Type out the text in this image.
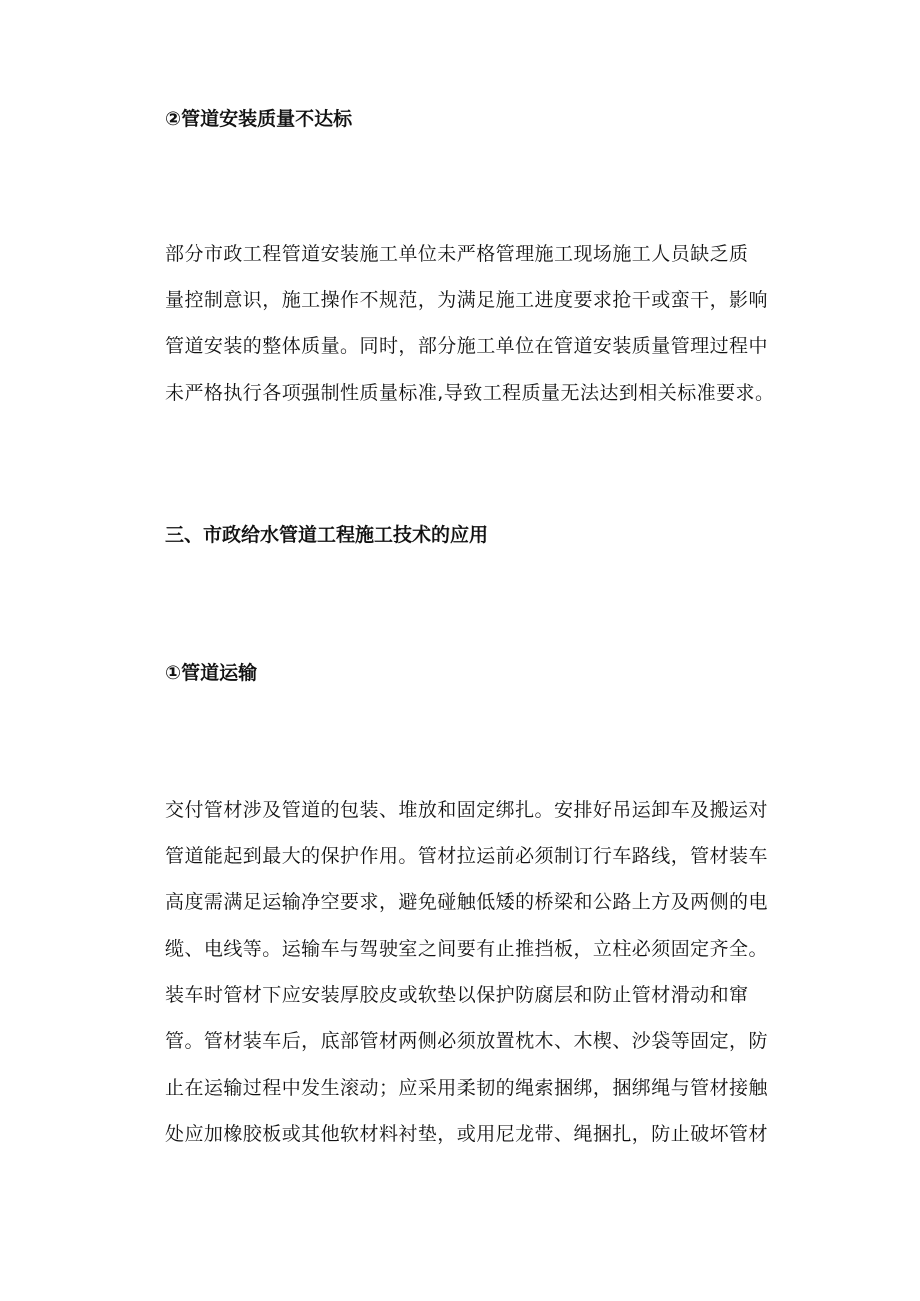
②管道安装质量不达标

部分市政工程管道安装施工单位未严格管理施工现场施工人员缺乏质

量控制意识，施工操作不规范，为满足施工进度要求抢干或蛮干，影响

管道安装的整体质量。同时，部分施工单位在管道安装质量管理过程中

未严格执行各项强制性质量标准,导致工程质量无法达到相关标准要求。

三、市政给水管道工程施工技术的应用
①管道运输

交付管材涉及管道的包装、堆放和固定绑扎。安排好吊运卸车及搬运对

管道能起到最大的保护作用。管材拉运前必须制订行车路线，管材装车

高度需满足运输净空要求，避免碰触低矮的桥梁和公路上方及两侧的电

缆、电线等。运输车与驾驶室之间要有止推挡板，立柱必须固定齐全。

装车时管材下应安装厚胶皮或软垫以保护防腐层和防止管材滑动和窜

管。管材装车后，底部管材两侧必须放置枕木、木楔、沙袋等固定，防

止在运输过程中发生滚动；应采用柔韧的绳索捆绑，捆绑绳与管材接触

处应加橡胶板或其他软材料衬垫，或用尼龙带、绳捆扎，防止破坏管材
